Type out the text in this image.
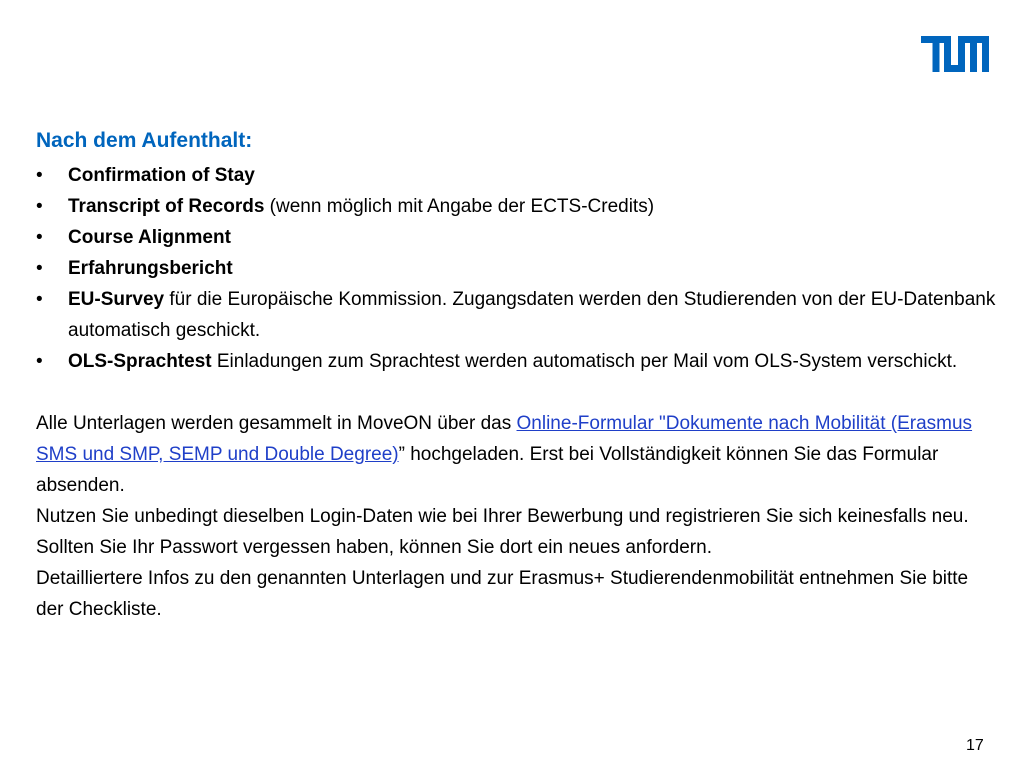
Nach dem Aufenthalt:
• Confirmation of Stay
• Transcript of Records (wenn möglich mit Angabe der ECTS-Credits)
• Course Alignment
• Erfahrungsbericht
• EU-Survey für die Europäische Kommission. Zugangsdaten werden den Studierenden von der EU-Datenbank automatisch geschickt.
• OLS-Sprachtest Einladungen zum Sprachtest werden automatisch per Mail vom OLS-System verschickt.

Alle Unterlagen werden gesammelt in MoveON über das Online-Formular "Dokumente nach Mobilität (Erasmus SMS und SMP, SEMP und Double Degree)” hochgeladen. Erst bei Vollständigkeit können Sie das Formular absenden.

Nutzen Sie unbedingt dieselben Login-Daten wie bei Ihrer Bewerbung und registrieren Sie sich keinesfalls neu. Sollten Sie Ihr Passwort vergessen haben, können Sie dort ein neues anfordern.

Detailliertere Infos zu den genannten Unterlagen und zur Erasmus+ Studierendenmobilität entnehmen Sie bitte der Checkliste.

17
